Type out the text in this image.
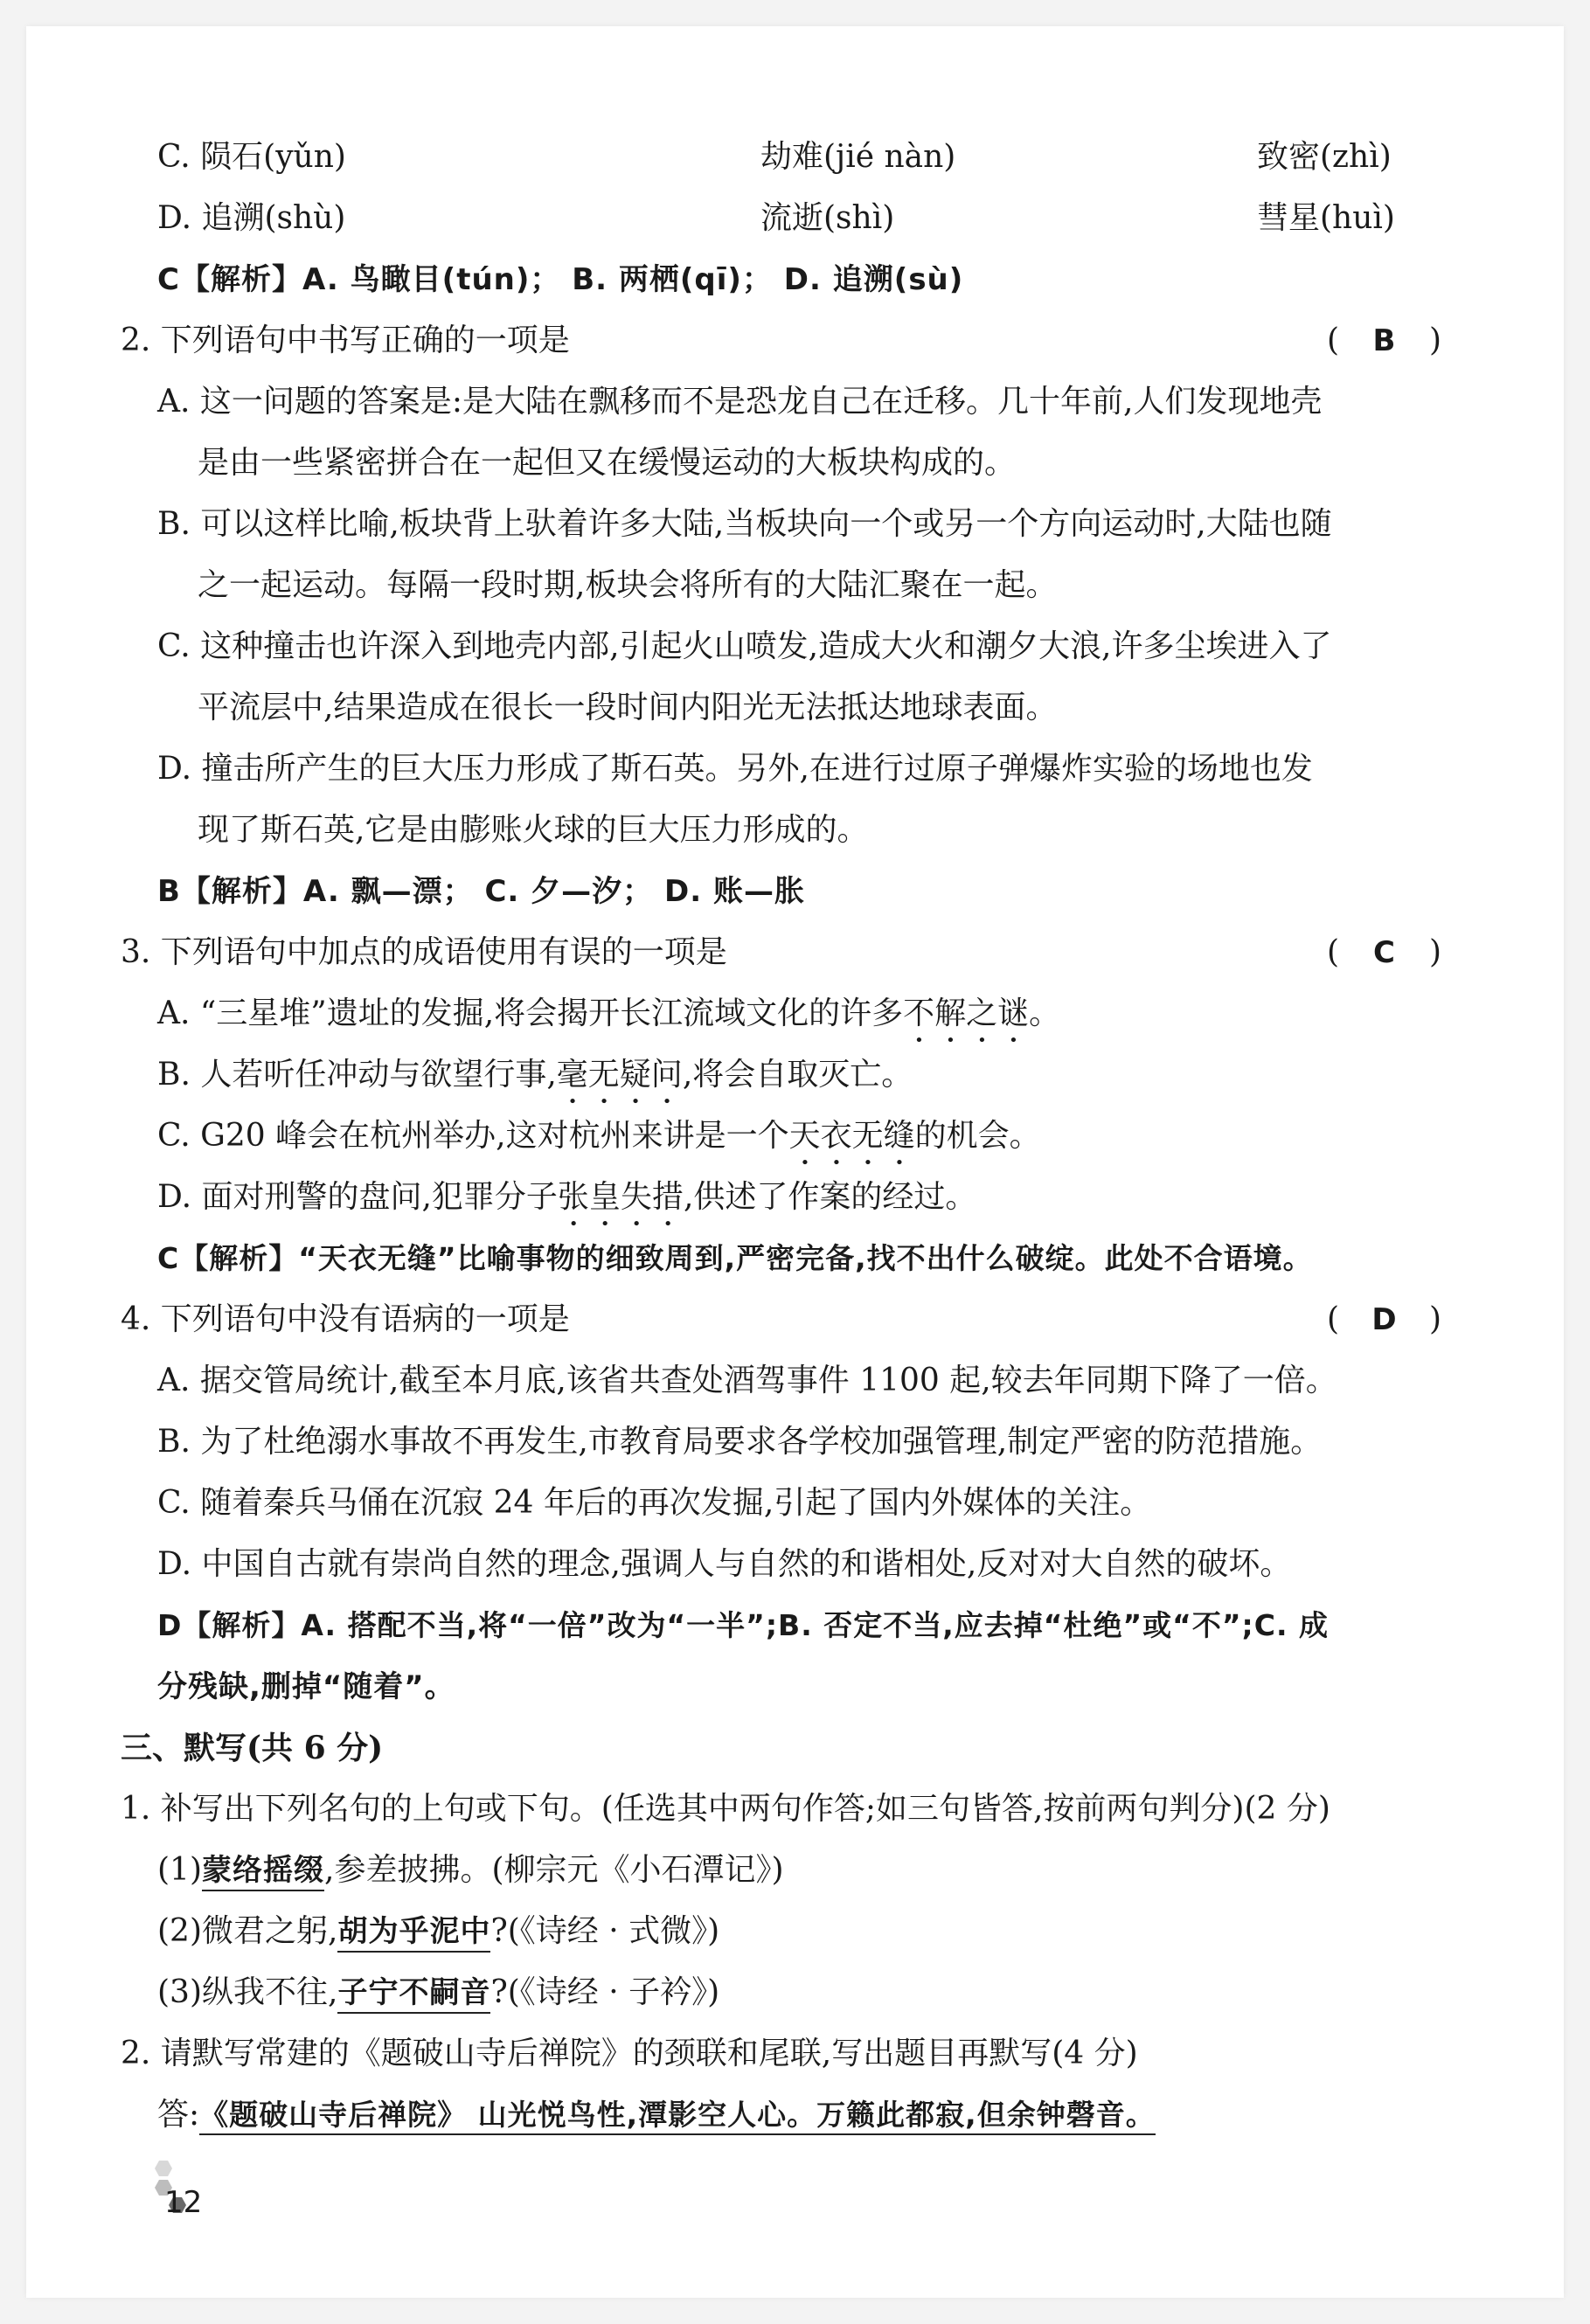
C. 陨石(yǔn)	劫难(jié nàn)	致密(zhì)
D. 追溯(shù)	流逝(shì)	彗星(huì)
C【解析】A. 鸟瞰目(tún)； B. 两栖(qī)； D. 追溯(sù)
2. 下列语句中书写正确的一项是	( B )
A. 这一问题的答案是:是大陆在飘移而不是恐龙自己在迁移。几十年前,人们发现地壳
是由一些紧密拼合在一起但又在缓慢运动的大板块构成的。
B. 可以这样比喻,板块背上驮着许多大陆,当板块向一个或另一个方向运动时,大陆也随
之一起运动。每隔一段时期,板块会将所有的大陆汇聚在一起。
C. 这种撞击也许深入到地壳内部,引起火山喷发,造成大火和潮夕大浪,许多尘埃进入了
平流层中,结果造成在很长一段时间内阳光无法抵达地球表面。
D. 撞击所产生的巨大压力形成了斯石英。另外,在进行过原子弹爆炸实验的场地也发
现了斯石英,它是由膨账火球的巨大压力形成的。
B【解析】A. 飘—漂； C. 夕—汐； D. 账—胀
3. 下列语句中加点的成语使用有误的一项是	( C )
A. “三星堆”遗址的发掘,将会揭开长江流域文化的许多不解之谜。
B. 人若听任冲动与欲望行事,毫无疑问,将会自取灭亡。
C. G20 峰会在杭州举办,这对杭州来讲是一个天衣无缝的机会。
D. 面对刑警的盘问,犯罪分子张皇失措,供述了作案的经过。
C【解析】“天衣无缝”比喻事物的细致周到,严密完备,找不出什么破绽。此处不合语境。
4. 下列语句中没有语病的一项是	( D )
A. 据交管局统计,截至本月底,该省共查处酒驾事件 1100 起,较去年同期下降了一倍。
B. 为了杜绝溺水事故不再发生,市教育局要求各学校加强管理,制定严密的防范措施。
C. 随着秦兵马俑在沉寂 24 年后的再次发掘,引起了国内外媒体的关注。
D. 中国自古就有崇尚自然的理念,强调人与自然的和谐相处,反对对大自然的破坏。
D【解析】A. 搭配不当,将“一倍”改为“一半”;B. 否定不当,应去掉“杜绝”或“不”;C. 成
分残缺,删掉“随着”。
三、默写(共 6 分)
1. 补写出下列名句的上句或下句。(任选其中两句作答;如三句皆答,按前两句判分)(2 分)
(1)蒙络摇缀,参差披拂。(柳宗元《小石潭记》)
(2)微君之躬,胡为乎泥中?(《诗经 · 式微》)
(3)纵我不往,子宁不嗣音?(《诗经 · 子衿》)
2. 请默写常建的《题破山寺后禅院》的颈联和尾联,写出题目再默写(4 分)
答:《题破山寺后禅院》 山光悦鸟性,潭影空人心。万籁此都寂,但余钟磬音。
12
